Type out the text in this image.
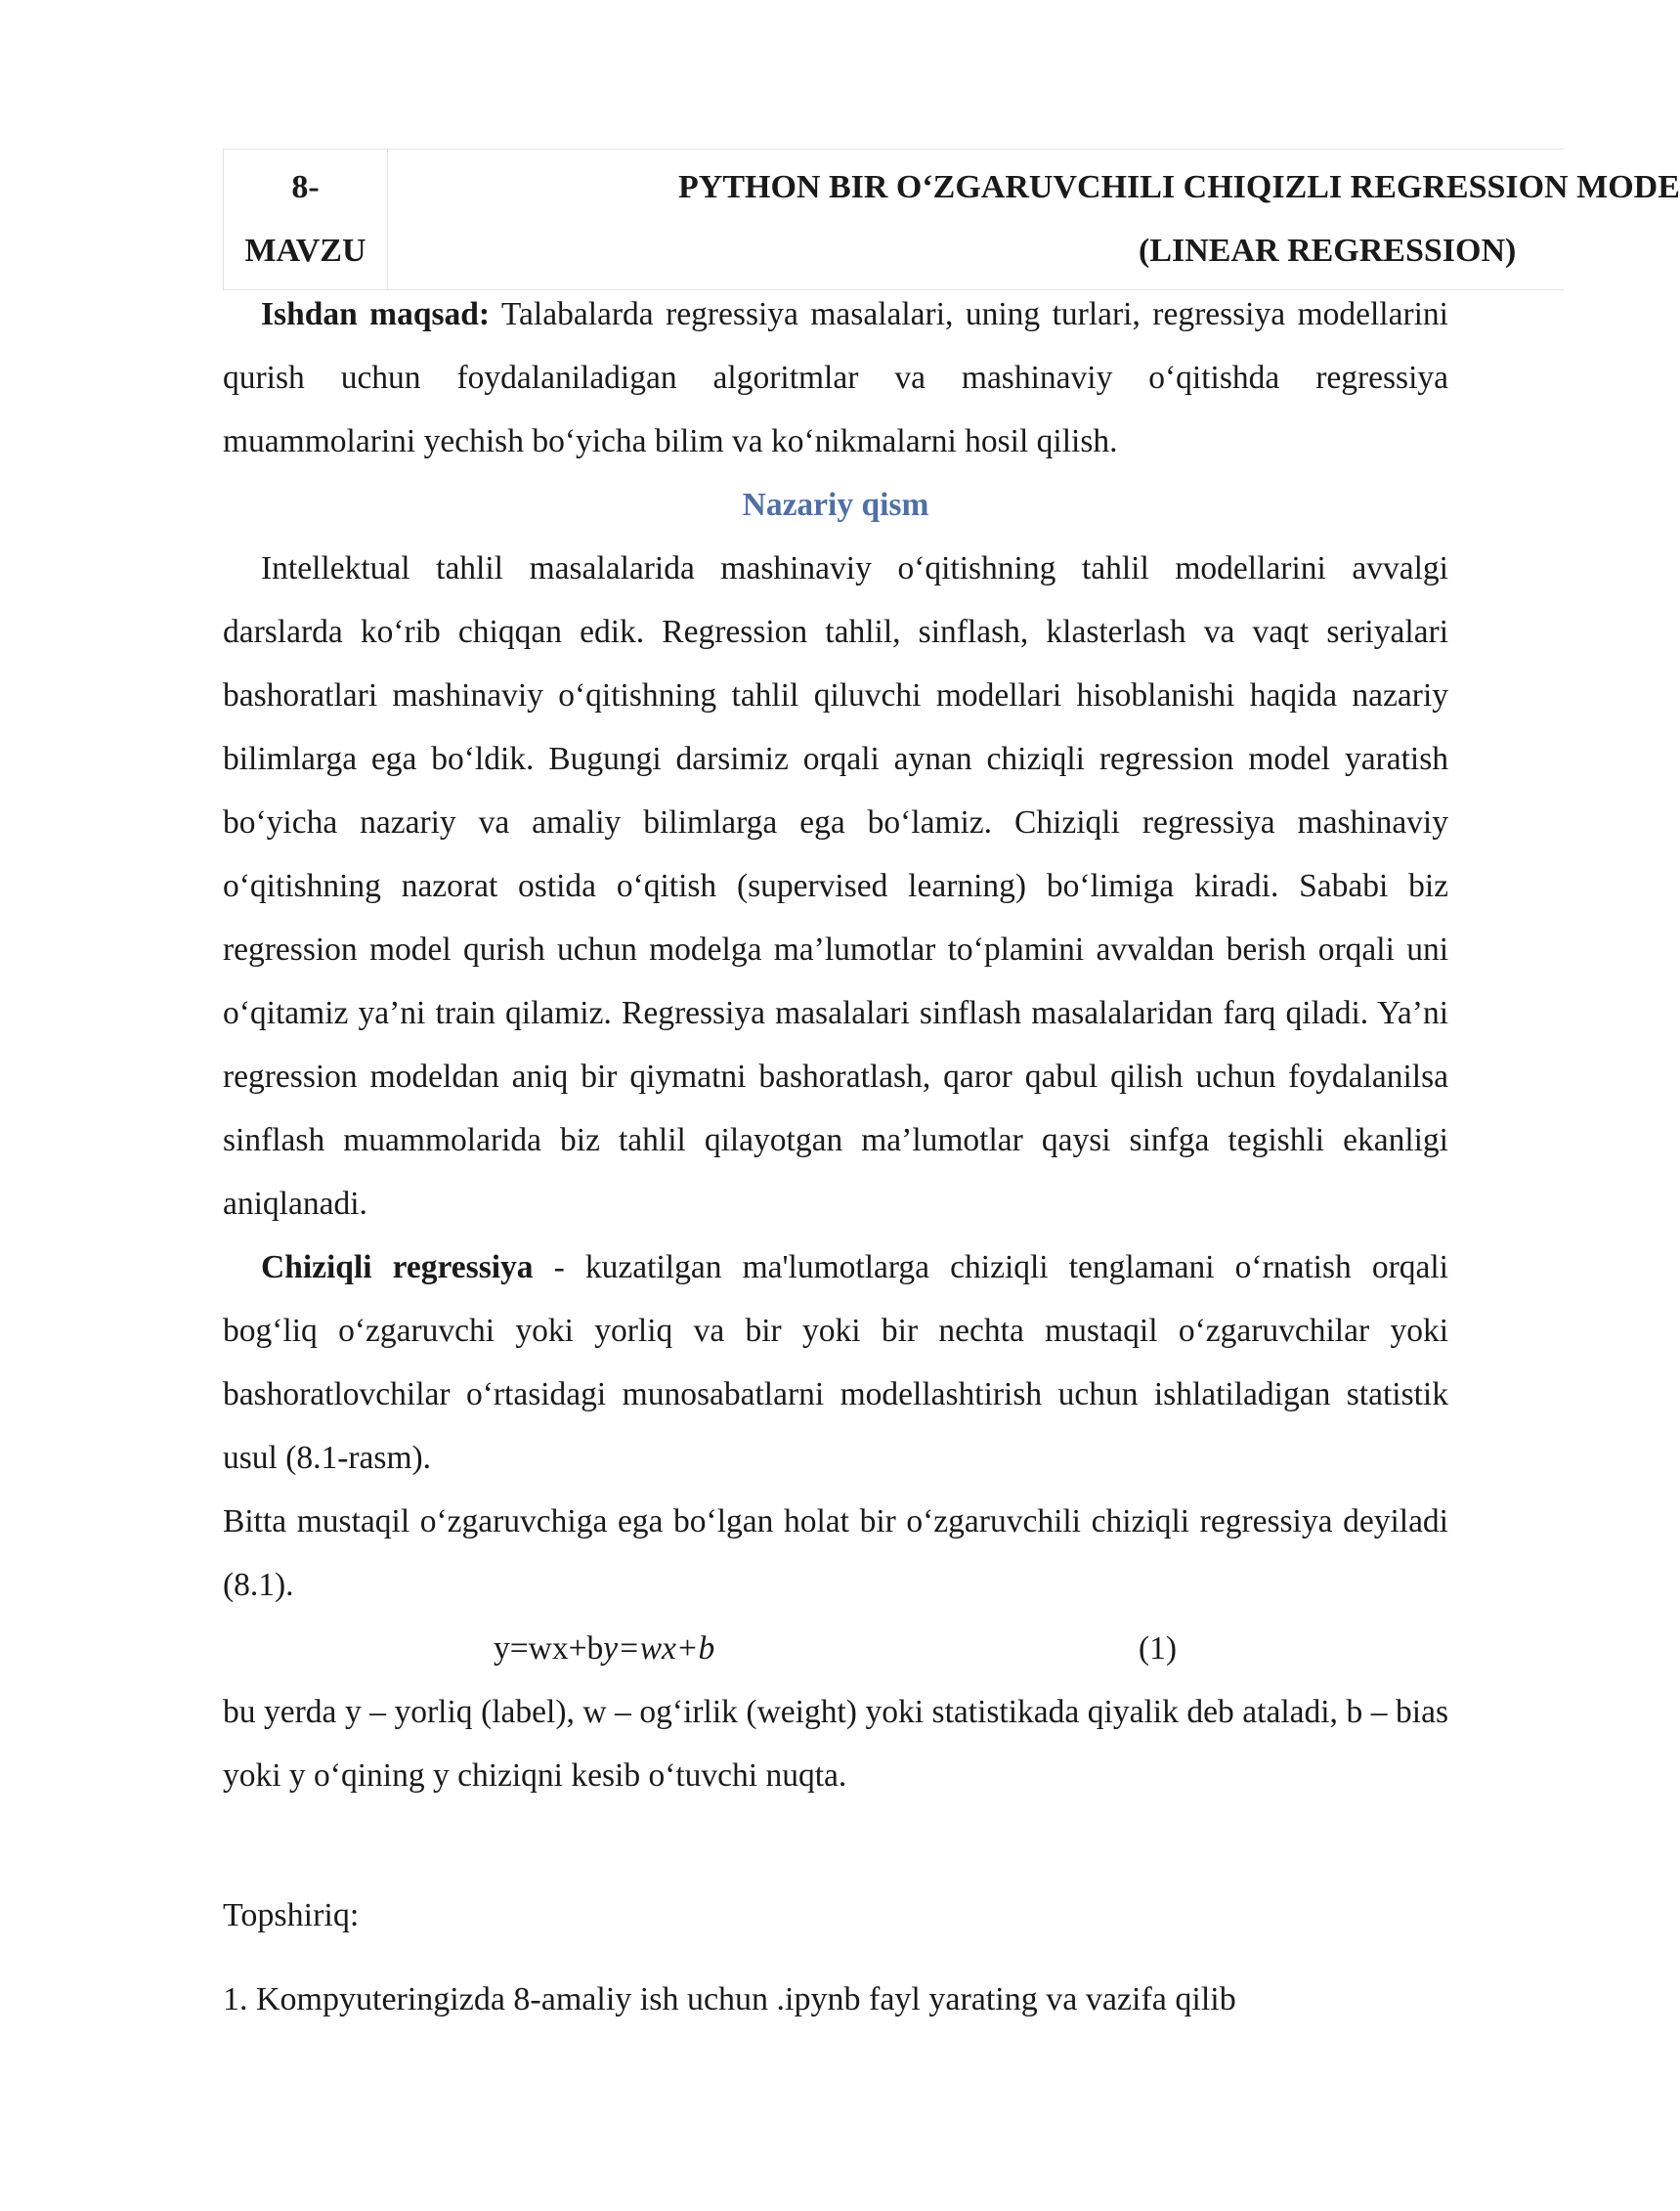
8-
MAVZU
PYTHON BIR O‘ZGARUVCHILI CHIQIZLI REGRESSION MODE
(LINEAR REGRESSION)

Ishdan maqsad: Talabalarda regressiya masalalari, uning turlari, regressiya modellarini qurish uchun foydalaniladigan algoritmlar va mashinaviy o‘qitishda regressiya muammolarini yechish bo‘yicha bilim va ko‘nikmalarni hosil qilish.

Nazariy qism

Intellektual tahlil masalalarida mashinaviy o‘qitishning tahlil modellarini avvalgi darslarda ko‘rib chiqqan edik. Regression tahlil, sinflash, klasterlash va vaqt seriyalari bashoratlari mashinaviy o‘qitishning tahlil qiluvchi modellari hisoblanishi haqida nazariy bilimlarga ega bo‘ldik. Bugungi darsimiz orqali aynan chiziqli regression model yaratish bo‘yicha nazariy va amaliy bilimlarga ega bo‘lamiz. Chiziqli regressiya mashinaviy o‘qitishning nazorat ostida o‘qitish (supervised learning) bo‘limiga kiradi. Sababi biz regression model qurish uchun modelga ma’lumotlar to‘plamini avvaldan berish orqali uni o‘qitamiz ya’ni train qilamiz. Regressiya masalalari sinflash masalalaridan farq qiladi. Ya’ni regression modeldan aniq bir qiymatni bashoratlash, qaror qabul qilish uchun foydalanilsa sinflash muammolarida biz tahlil qilayotgan ma’lumotlar qaysi sinfga tegishli ekanligi aniqlanadi.

Chiziqli regressiya - kuzatilgan ma'lumotlarga chiziqli tenglamani o‘rnatish orqali bog‘liq o‘zgaruvchi yoki yorliq va bir yoki bir nechta mustaqil o‘zgaruvchilar yoki bashoratlovchilar o‘rtasidagi munosabatlarni modellashtirish uchun ishlatiladigan statistik usul (8.1-rasm).

Bitta mustaqil o‘zgaruvchiga ega bo‘lgan holat bir o‘zgaruvchili chiziqli regressiya deyiladi (8.1).

y=wx+by=wx+b	(1)

bu yerda y – yorliq (label), w – og‘irlik (weight) yoki statistikada qiyalik deb ataladi, b – bias yoki y o‘qining y chiziqni kesib o‘tuvchi nuqta.

Topshiriq:
1. Kompyuteringizda 8-amaliy ish uchun .ipynb fayl yarating va vazifa qilib
